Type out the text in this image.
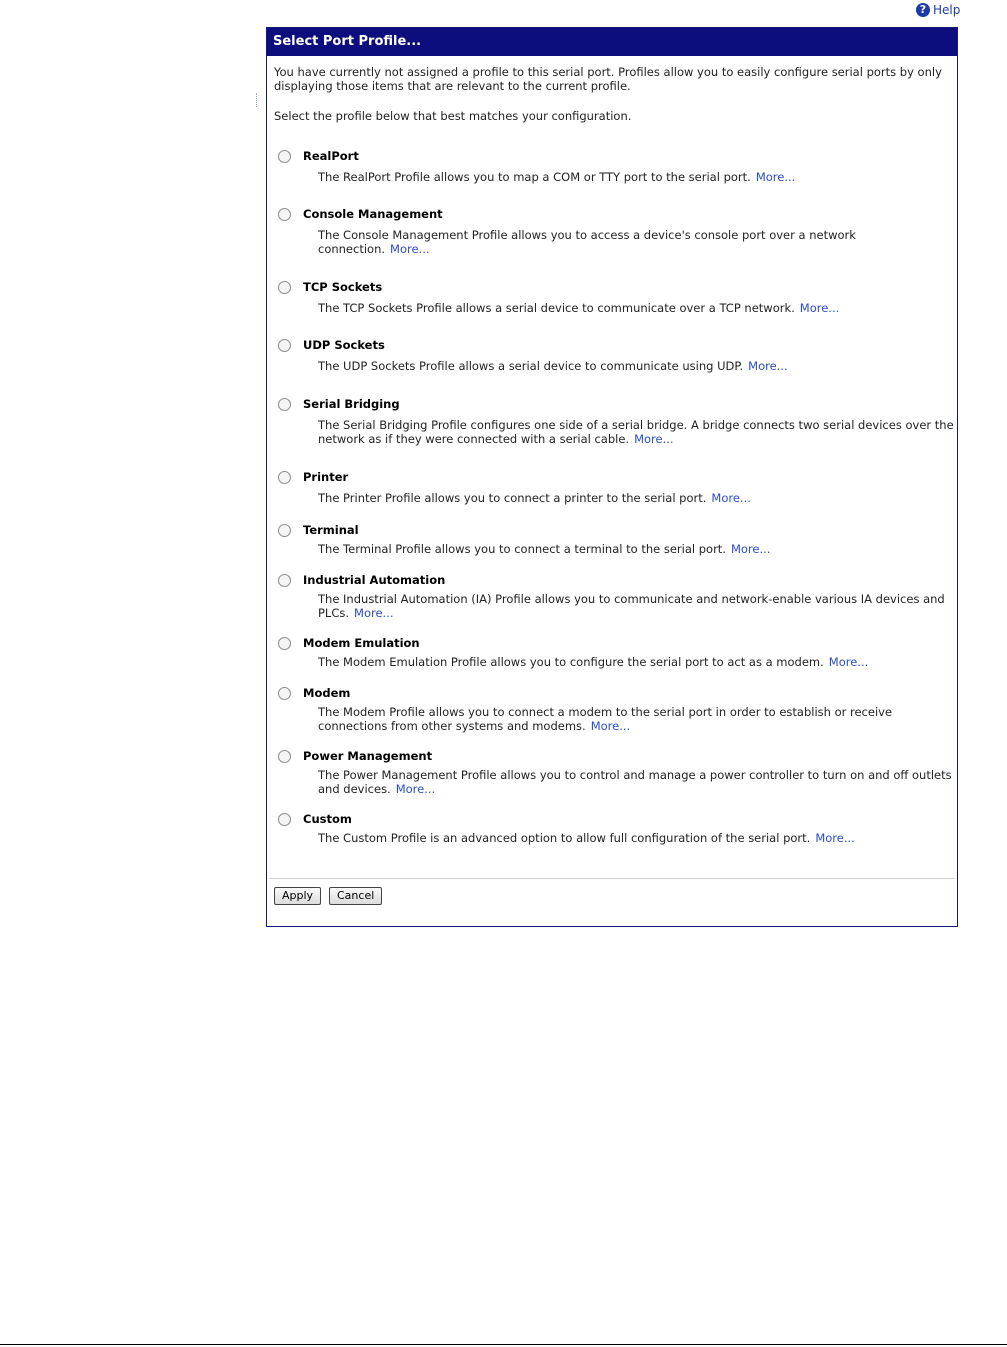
? Help
Select Port Profile...
You have currently not assigned a profile to this serial port. Profiles allow you to easily configure serial ports by only displaying those items that are relevant to the current profile.
Select the profile below that best matches your configuration.
RealPort
The RealPort Profile allows you to map a COM or TTY port to the serial port. More...
Console Management
The Console Management Profile allows you to access a device's console port over a network connection. More...
TCP Sockets
The TCP Sockets Profile allows a serial device to communicate over a TCP network. More...
UDP Sockets
The UDP Sockets Profile allows a serial device to communicate using UDP. More...
Serial Bridging
The Serial Bridging Profile configures one side of a serial bridge. A bridge connects two serial devices over the network as if they were connected with a serial cable. More...
Printer
The Printer Profile allows you to connect a printer to the serial port. More...
Terminal
The Terminal Profile allows you to connect a terminal to the serial port. More...
Industrial Automation
The Industrial Automation (IA) Profile allows you to communicate and network-enable various IA devices and PLCs. More...
Modem Emulation
The Modem Emulation Profile allows you to configure the serial port to act as a modem. More...
Modem
The Modem Profile allows you to connect a modem to the serial port in order to establish or receive connections from other systems and modems. More...
Power Management
The Power Management Profile allows you to control and manage a power controller to turn on and off outlets and devices. More...
Custom
The Custom Profile is an advanced option to allow full configuration of the serial port. More...
Apply	Cancel
